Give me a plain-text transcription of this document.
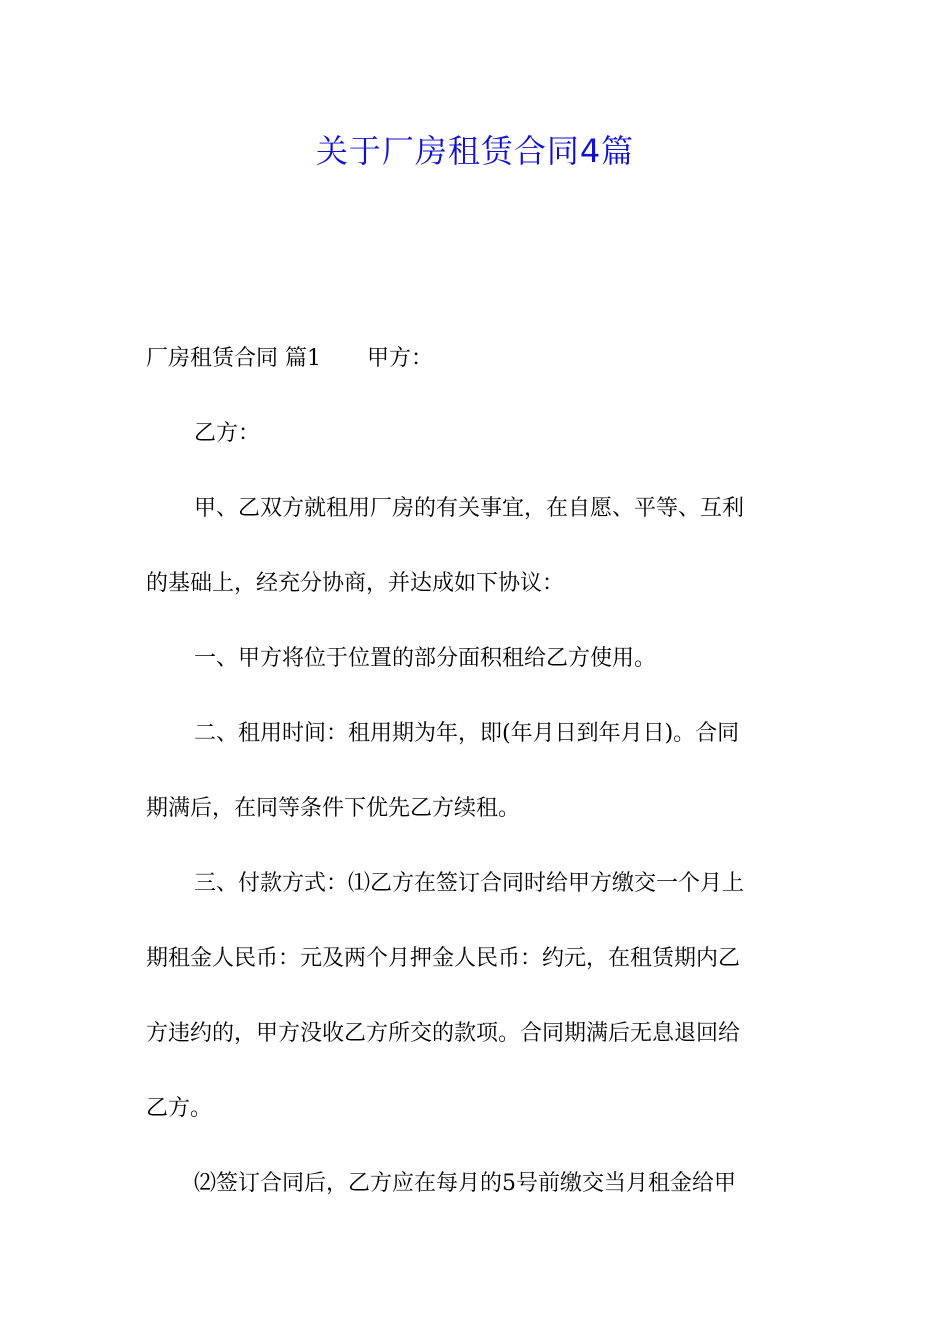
关于厂房租赁合同4篇
厂房租赁合同 篇1 甲方：
乙方：
甲、乙双方就租用厂房的有关事宜，在自愿、平等、互利
的基础上，经充分协商，并达成如下协议：
一、甲方将位于位置的部分面积租给乙方使用。
二、租用时间：租用期为年，即(年月日到年月日)。合同
期满后，在同等条件下优先乙方续租。
三、付款方式：⑴乙方在签订合同时给甲方缴交一个月上
期租金人民币：元及两个月押金人民币：约元，在租赁期内乙
方违约的，甲方没收乙方所交的款项。合同期满后无息退回给
乙方。
⑵签订合同后，乙方应在每月的5号前缴交当月租金给甲
